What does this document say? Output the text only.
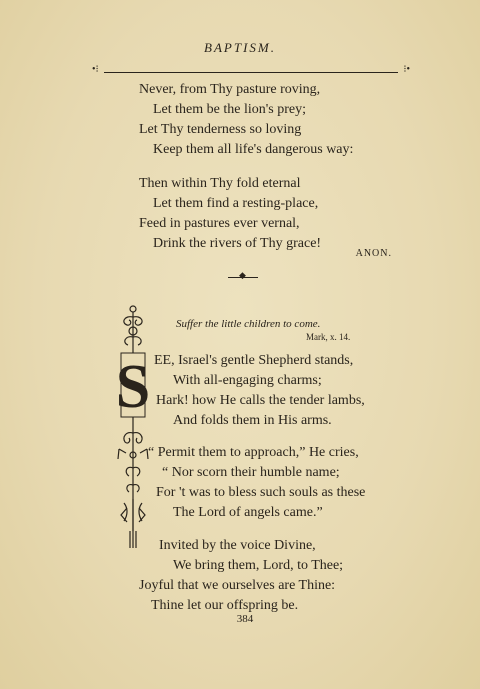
BAPTISM.
•⁝	⁝•
Never, from Thy pasture roving,
Let them be the lion's prey;
Let Thy tenderness so loving
Keep them all life's dangerous way:
Then within Thy fold eternal
Let them find a resting-place,
Feed in pastures ever vernal,
Drink the rivers of Thy grace!
ANON.
◆
Suffer the little children to come.
Mark, x. 14.
S EE, Israel's gentle Shepherd stands,
With all-engaging charms;
Hark! how He calls the tender lambs,
And folds them in His arms.
“ Permit them to approach,” He cries,
“ Nor scorn their humble name;
For 't was to bless such souls as these
The Lord of angels came.”
Invited by the voice Divine,
We bring them, Lord, to Thee;
Joyful that we ourselves are Thine:
Thine let our offspring be.
384
